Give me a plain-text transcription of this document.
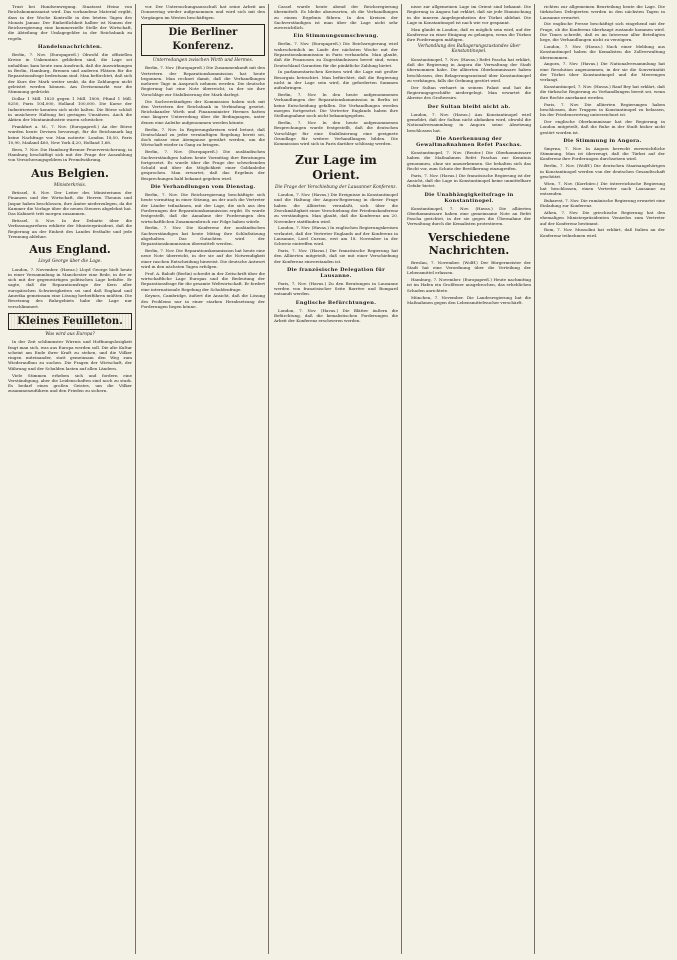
Trust bei Hundsenwegung. Staatsrat Heinz von Reichskommissariat wird. Das vorhandene Material ergibt, dass in der Woche Kontrolle in den letzten Tagen des Monats Januar. Der Einheitlichkeit halber ist Namen der Reichsregierung eine kommerzielle Stelle der Wirtschaft, die Abteilung der Umlagegelder in der Reichsbank zu regeln.
Handelsnachrichten.
Berlin, 7. Nov. (Europapreß.) Obwohl die offiziellen Kreise in Unkenntnis geblieben sind, die Lage sei unhaltbar, kam heute zum Ausdruck, daß die Auswirkungen in Berlin, Hamburg, Bremen und anderen Plätzen für die Reparationsfrage bedeutsam sind. Man befürchtet, daß sich der Kurs der Mark weiter senkt, da die Zahlungen nicht geleistet werden können. Am Devisenmarkt war die Stimmung gedrückt.
Dollar 1 Mill. 1825 gegen 1 Mill. 1800, Pfund 1 Mill. 8250, Paris 104,000, Holland 100,000. Die Kurse der Industriewerte konnten sich nicht halten. Die Börse schloß in unsicherer Haltung bei geringen Umsätzen. Auch die Aktien der Montanindustrie waren schwächer.
Frankfurt a. M., 7. Nov. (Europapreß.) An der Börse wurden heute Devisen bevorzugt, für die Reichsmark lag keine Nachfrage vor. Man notierte: London 18,50, Paris 10,90, Mailand 460, New York 4,20, Holland 1,68.
Bern, 7. Nov. Die Hamburg-Bremer Feuerversicherung, in Hamburg beschäftigt sich mit der Frage der Auszahlung von Versicherungsgeldern in Fremdwährung.
Aus Belgien.
Ministerkrisis.
Brüssel, 8. Nov. Der Leiter des Ministeriums der Finanzen und der Wirtschaft, die Herren Theunis und Jaspar haben beschlossen, ihre Ämter niederzulegen, da die Kammer die Vorlage über die neuen Steuern abgelehnt hat. Das Kabinett tritt morgen zusammen.
Brüssel, 8. Nov. In der Debatte über die Verfassungsreform erklärte der Ministerpräsident, daß die Regierung an der Einheit des Landes festhalte und jede Trennung ablehne.
Aus England.
Lloyd George über die Lage.
London, 7. November. (Havas.) Lloyd George hielt heute in einer Versammlung in Manchester eine Rede, in der er sich mit der gegenwärtigen politischen Lage befaßte. Er sagte, daß die Reparationsfrage der Kern aller europäischen Schwierigkeiten sei und daß England und Amerika gemeinsam eine Lösung herbeiführen müßten. Die Besetzung des Ruhrgebiets habe die Lage nur verschlimmert.
Kleines Feuilleton.
Was wird aus Europa?
In der Zeit schlimmster Wirrnis und Hoffnungslosigkeit fragt man sich, was aus Europa werden soll. Die alte Kultur scheint am Ende ihrer Kraft zu stehen, und die Völker ringen miteinander, statt gemeinsam den Weg zum Wiederaufbau zu suchen. Die Fragen der Wirtschaft, der Währung und der Schulden lasten auf allen Ländern.
Viele Stimmen erheben sich und fordern eine Verständigung, aber die Leidenschaften sind noch zu stark. Es bedarf eines großen Geistes, um die Völker zusammenzuführen und den Frieden zu sichern.
vor. Der Untersuchungsausschuß hat seine Arbeit am Donnerstag wieder aufgenommen und wird sich mit den Vorgängen im Westen beschäftigen.
Die Berliner Konferenz.
Unterredungen zwischen Wirth und Hermes.
Berlin, 7. Nov. (Europapreß.) Die Zusammenkunft mit den Vertretern der Reparationskommission hat heute begonnen. Man rechnet damit, daß die Verhandlungen mehrere Tage in Anspruch nehmen werden. Die deutsche Regierung hat eine Note überreicht, in der sie ihre Vorschläge zur Stabilisierung der Mark darlegt.
Die Sachverständigen der Kommission haben sich mit den Vertretern der Reichsbank in Verbindung gesetzt. Reichskanzler Wirth und Finanzminister Hermes hatten eine längere Unterredung über die Bedingungen, unter denen eine Anleihe aufgenommen werden könnte.
Berlin, 7. Nov. In Regierungskreisen wird betont, daß Deutschland zu jeder vernünftigen Regelung bereit sei, doch müsse eine Atempause gewährt werden, um die Wirtschaft wieder in Gang zu bringen.
Berlin, 7. Nov. (Europapreß.) Die ausländischen Sachverständigen haben heute Vormittag ihre Beratungen fortgesetzt. Es wurde über die Frage der schwebenden Schuld und über die Möglichkeit einer Goldanleihe gesprochen. Man erwartet, daß das Ergebnis der Besprechungen bald bekannt gegeben wird.
Die Verhandlungen vom Dienstag.
Berlin, 7. Nov. Die Reichsregierung beschäftigte sich heute vormittag in einer Sitzung, an der auch die Vertreter der Länder teilnahmen, mit der Lage, die sich aus den Forderungen der Reparationskommission ergibt. Es wurde festgestellt, daß die Annahme der Forderungen den wirtschaftlichen Zusammenbruch zur Folge haben würde.
Berlin, 7. Nov. Die Konferenz der ausländischen Sachverständigen hat heute Mittag ihre Schlußsitzung abgehalten. Das Gutachten wird der Reparationskommission übermittelt werden.
Berlin, 7. Nov. Die Reparationskommission hat heute eine neue Note überreicht, in der sie auf die Notwendigkeit einer raschen Entscheidung hinweist. Die deutsche Antwort wird in den nächsten Tagen erfolgen.
Prof. A. Balodt (Berlin) schreibt in der Zeitschrift über die wirtschaftliche Lage Europas und die Bedeutung der Reparationsfrage für die gesamte Weltwirtschaft. Er fordert eine internationale Regelung der Schuldenfrage.
Keynes, Cambridge, äußert die Ansicht, daß die Lösung des Problems nur in einer starken Herabsetzung der Forderungen liegen könne.
Cassel wurde heute abend der Reichsregierung übermittelt. Es bleibe abzuwarten, ob die Verhandlungen zu einem Ergebnis führen. In den Kreisen der Sachverständigen ist man über die Lage nicht sehr zuversichtlich.
Ein Stimmungsumschwung.
Berlin, 7. Nov. (Europapreß.) Die Reichsregierung wird wahrscheinlich im Laufe der nächsten Woche mit der Reparationskommission in Paris verhandeln. Man glaubt, daß die Franzosen zu Zugeständnissen bereit sind, wenn Deutschland Garantien für die pünktliche Zahlung bietet.
In parlamentarischen Kreisen wird die Lage mit großer Besorgnis betrachtet. Man befürchtet, daß die Regierung nicht in der Lage sein wird, die geforderten Summen aufzubringen.
Berlin, 7. Nov. In den heute aufgenommenen Verhandlungen der Reparationskommission in Berlin ist keine Entscheidung gefallen. Die Verhandlungen werden morgen fortgesetzt. Die Vertreter Englands haben ihre Stellungnahme noch nicht bekanntgegeben.
Berlin, 7. Nov. In den heute aufgenommenen Besprechungen wurde festgestellt, daß die deutschen Vorschläge für eine Stabilisierung eine geeignete Grundlage für weitere Verhandlungen bilden. Die Kommission wird sich in Paris darüber schlüssig werden.
Zur Lage im Orient.
Die Frage der Verschiebung der Lausanner Konferenz.
London, 7. Nov. (Havas.) Die Ereignisse in Konstantinopel und die Haltung der Angora-Regierung in dieser Frage haben die Alliierten veranlaßt, sich über die Zweckmäßigkeit einer Verschiebung der Friedenskonferenz zu verständigen. Man glaubt, daß die Konferenz am 20. November stattfinden wird.
London, 7. Nov. (Havas.) In englischen Regierungskreisen verlautet, daß der Vertreter Englands auf der Konferenz in Lausanne, Lord Curzon, erst am 18. November in der Schweiz eintreffen wird.
Paris, 7. Nov. (Havas.) Die französische Regierung hat den Alliierten mitgeteilt, daß sie mit einer Verschiebung der Konferenz einverstanden ist.
Die französische Delegation für Lausanne.
Paris, 7. Nov. (Havas.) Zu den Beratungen in Lausanne werden von französischer Seite Barrère und Bompard entsandt werden.
Englische Befürchtungen.
London, 7. Nov. (Havas.) Die Blätter äußern die Befürchtung, daß die kemalistischen Forderungen die Arbeit der Konferenz erschweren werden.
nisse zur allgemeinen Lage im Orient sind bekannt. Die Regierung in Angora hat erklärt, daß sie jede Einmischung in die inneren Angelegenheiten der Türkei ablehnt. Die Lage in Konstantinopel ist nach wie vor gespannt.
Man glaubt in London, daß es möglich sein wird, auf der Konferenz zu einer Einigung zu gelangen, wenn die Türken ihre Forderungen mäßigen.
Verhandlung des Ballagerungszustandes über Konstantinopel.
Konstantinopel, 7. Nov. (Havas.) Refet Pascha hat erklärt, daß die Regierung in Angora die Verwaltung der Stadt übernommen habe. Die alliierten Oberkommissare haben beschlossen, den Belagerungszustand über Konstantinopel zu verhängen, falls die Ordnung gestört wird.
Der Sultan verharrt in seinem Palast und hat die Regierungsgeschäfte niedergelegt. Man erwartet die Abreise des Großwesirs.
Der Sultan bleibt nicht ab.
London, 7. Nov. (Havas.) Aus Konstantinopel wird gemeldet, daß der Sultan nicht abdanken wird, obwohl die Nationalversammlung in Angora seine Absetzung beschlossen hat.
Die Anerkennung der Gewaltmaßnahmen Refet Paschas.
Konstantinopel, 7. Nov. (Reuter.) Die Oberkommissare haben die Maßnahmen Refet Paschas zur Kenntnis genommen, ohne sie anzuerkennen. Sie behalten sich das Recht vor, zum Schutz der Bevölkerung einzugreifen.
Paris, 7. Nov. (Havas.) Die französische Regierung ist der Ansicht, daß die Lage in Konstantinopel keine unmittelbare Gefahr bietet.
Die Unabhängigkeitsfrage in Konstantinopel.
Konstantinopel, 7. Nov. (Havas.) Die alliierten Oberkommissare haben eine gemeinsame Note an Refet Pascha gerichtet, in der sie gegen die Übernahme der Verwaltung durch die Kemalisten protestieren.
Verschiedene Nachrichten.
Breslau, 7. November. (Wolff.) Der Bürgermeister der Stadt hat eine Verordnung über die Verteilung der Lebensmittel erlassen.
Hamburg, 7. November. (Europapreß.) Heute nachmittag ist im Hafen ein Großfeuer ausgebrochen, das erheblichen Schaden anrichtete.
München, 7. November. Die Landesregierung hat die Maßnahmen gegen den Lebensmittelwucher verschärft.
richten zur allgemeinen Beurteilung heute die Lage. Die türkischen Delegierten werden in den nächsten Tagen in Lausanne erwartet.
Die englische Presse beschäftigt sich eingehend mit der Frage, ob die Konferenz überhaupt zustande kommen wird. Die Times schreibt, daß es im Interesse aller Beteiligten liege, die Verhandlungen nicht zu verzögern.
London, 7. Nov. (Havas.) Nach einer Meldung aus Konstantinopel haben die Kemalisten die Zollverwaltung übernommen.
Angora, 7. Nov. (Havas.) Die Nationalversammlung hat eine Resolution angenommen, in der sie die Souveränität der Türkei über Konstantinopel und die Meerengen verlangt.
Konstantinopel, 7. Nov. (Havas.) Rauf Bey hat erklärt, daß die türkische Regierung zu Verhandlungen bereit sei, wenn ihre Rechte anerkannt werden.
Paris, 7. Nov. Die alliierten Regierungen haben beschlossen, ihre Truppen in Konstantinopel zu belassen, bis der Friedensvertrag unterzeichnet ist.
Der englische Oberkommissar hat der Regierung in London mitgeteilt, daß die Ruhe in der Stadt bisher nicht gestört worden ist.
Die Stimmung in Angora.
Smyrna, 7. Nov. In Angora herrscht zuversichtliche Stimmung. Man ist überzeugt, daß die Türkei auf der Konferenz ihre Forderungen durchsetzen wird.
Berlin, 7. Nov. (Wolff.) Die deutschen Staatsangehörigen in Konstantinopel werden von der deutschen Gesandtschaft geschützt.
Wien, 7. Nov. (Korrbüro.) Die österreichische Regierung hat beschlossen, einen Vertreter nach Lausanne zu entsenden.
Bukarest, 7. Nov. Die rumänische Regierung erwartet eine Einladung zur Konferenz.
Athen, 7. Nov. Die griechische Regierung hat den ehemaligen Ministerpräsidenten Venizelos zum Vertreter auf der Konferenz bestimmt.
Rom, 7. Nov. Mussolini hat erklärt, daß Italien an der Konferenz teilnehmen wird.
